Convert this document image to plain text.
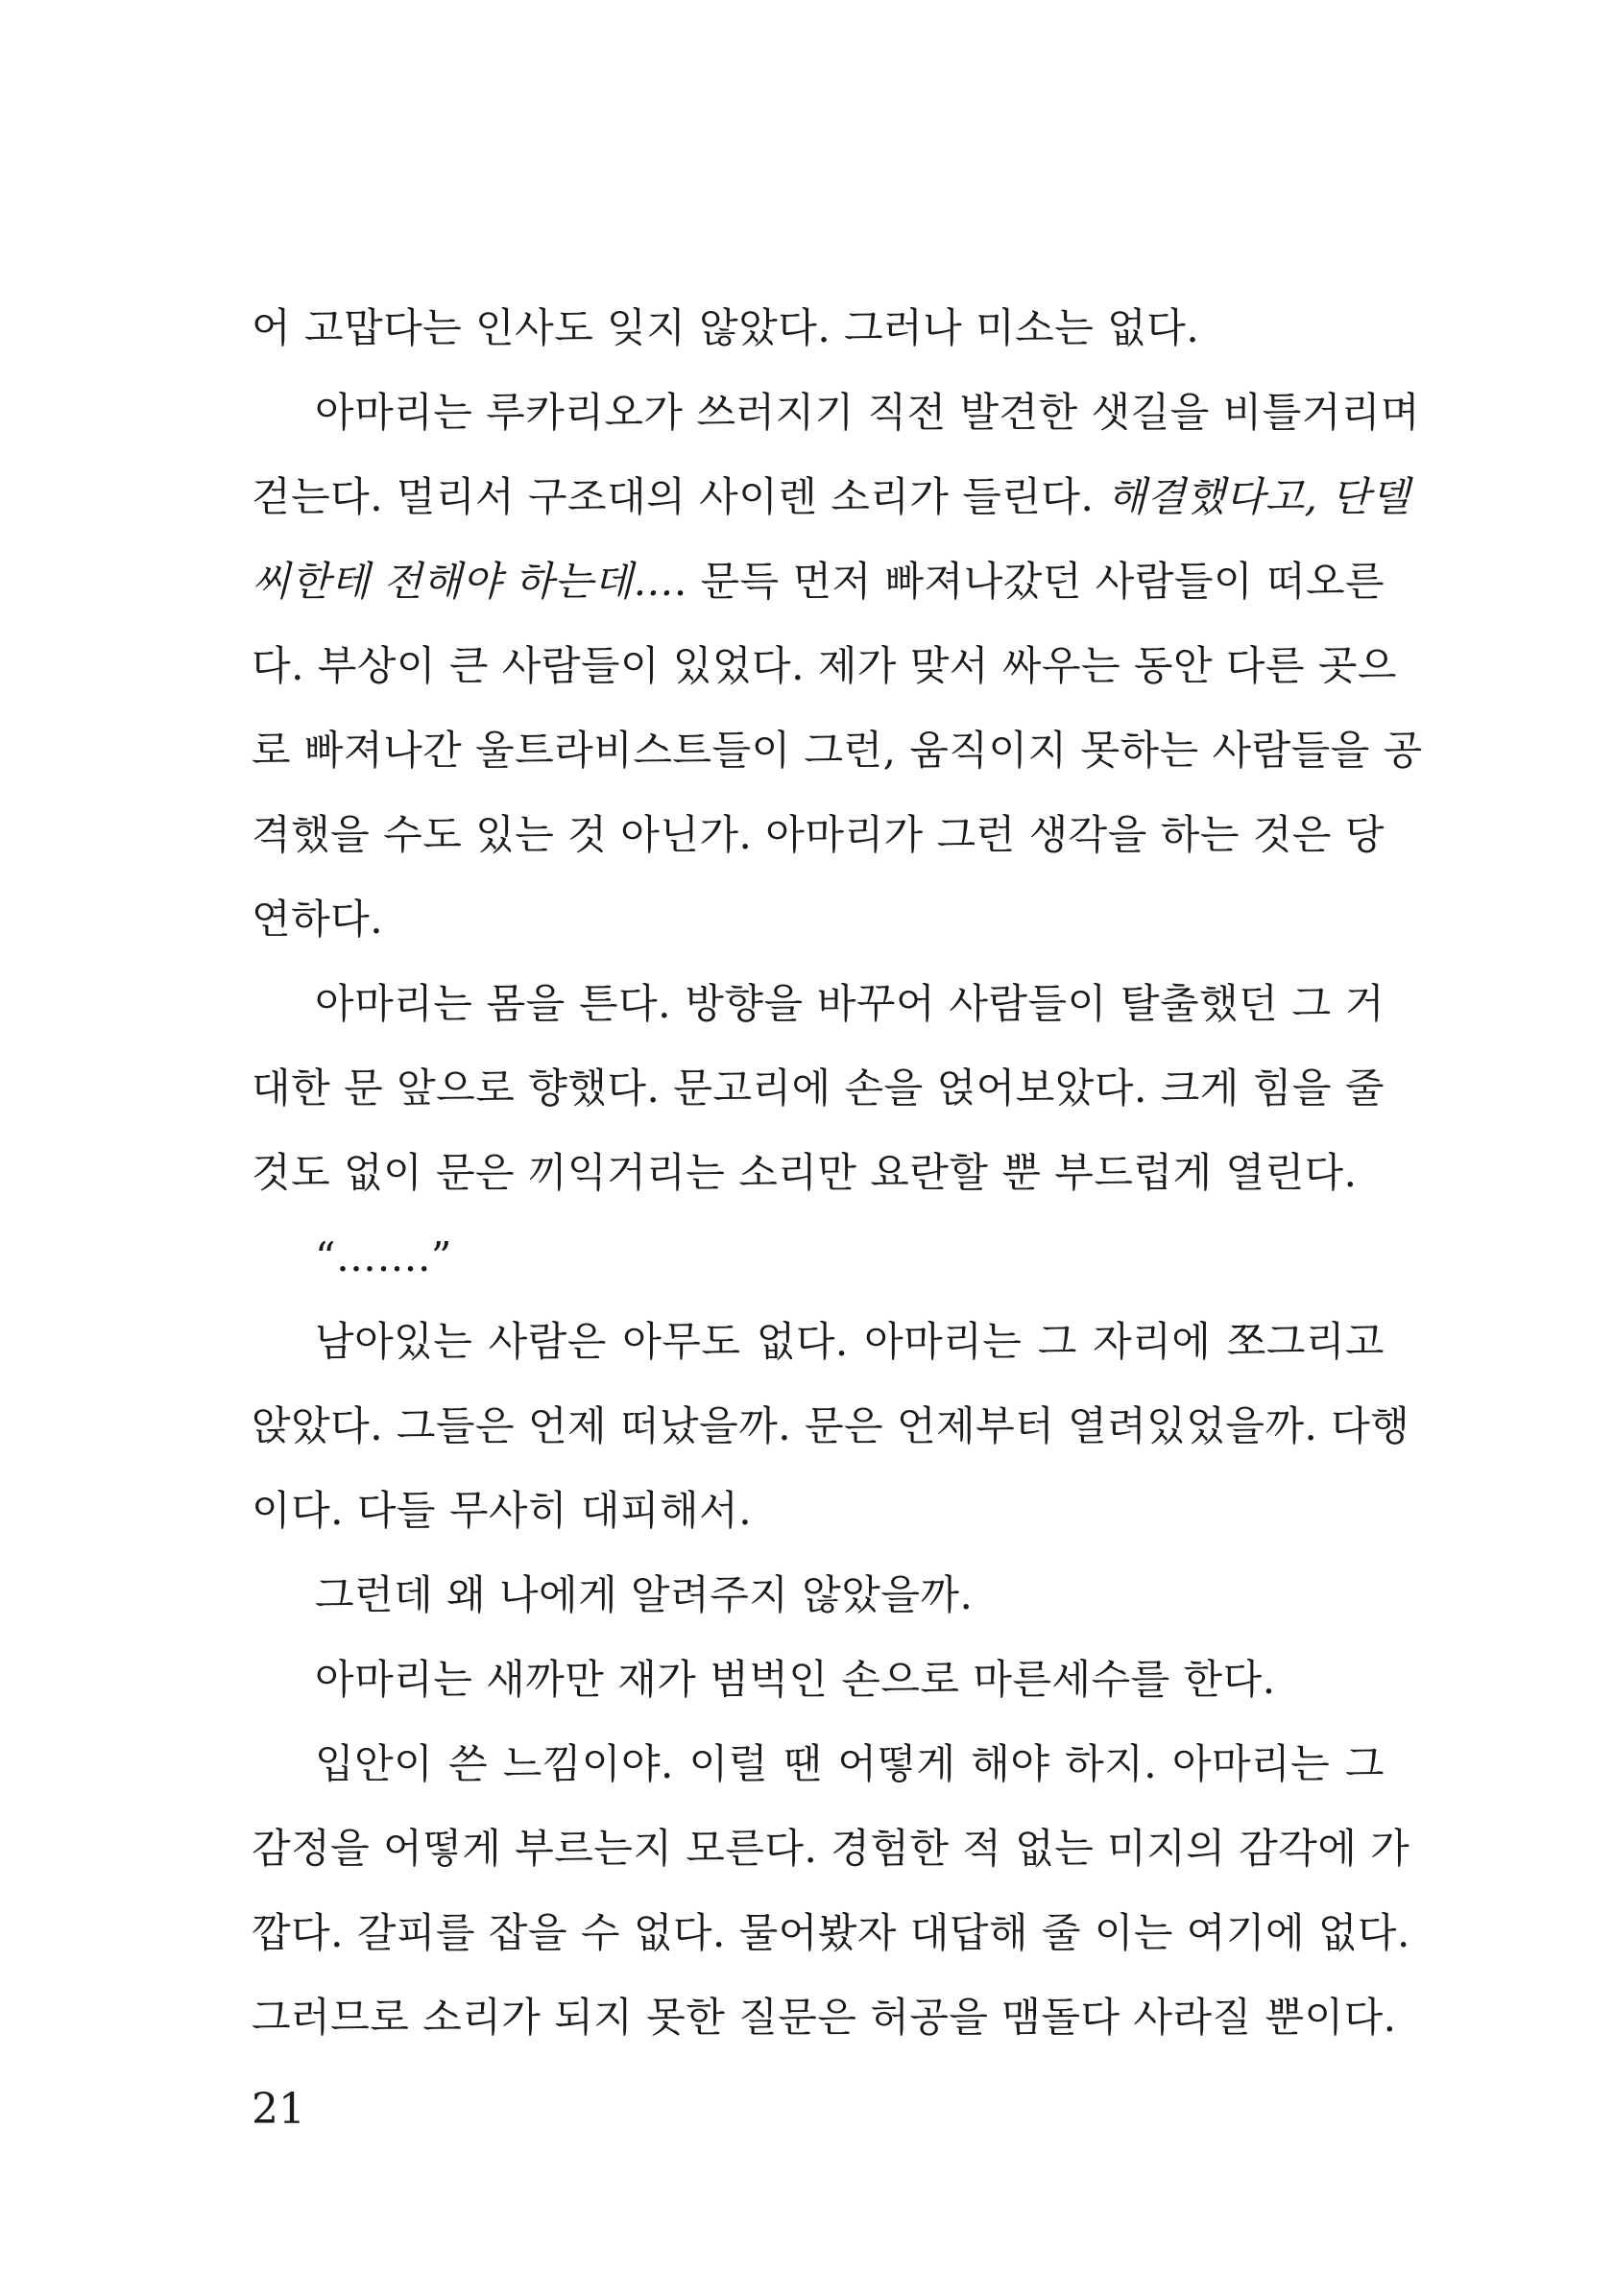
어 고맙다는 인사도 잊지 않았다. 그러나 미소는 없다.
아마리는 루카리오가 쓰러지기 직전 발견한 샛길을 비틀거리며
걷는다. 멀리서 구조대의 사이렌 소리가 들린다. 해결했다고, 단델
씨한테 전해야 하는데…. 문득 먼저 빠져나갔던 사람들이 떠오른
다. 부상이 큰 사람들이 있었다. 제가 맞서 싸우는 동안 다른 곳으
로 빠져나간 울트라비스트들이 그런, 움직이지 못하는 사람들을 공
격했을 수도 있는 것 아닌가. 아마리가 그런 생각을 하는 것은 당
연하다.
아마리는 몸을 튼다. 방향을 바꾸어 사람들이 탈출했던 그 거
대한 문 앞으로 향했다. 문고리에 손을 얹어보았다. 크게 힘을 줄
것도 없이 문은 끼익거리는 소리만 요란할 뿐 부드럽게 열린다.
“…….”
남아있는 사람은 아무도 없다. 아마리는 그 자리에 쪼그리고
앉았다. 그들은 언제 떠났을까. 문은 언제부터 열려있었을까. 다행
이다. 다들 무사히 대피해서.
그런데 왜 나에게 알려주지 않았을까.
아마리는 새까만 재가 범벅인 손으로 마른세수를 한다.
입안이 쓴 느낌이야. 이럴 땐 어떻게 해야 하지. 아마리는 그
감정을 어떻게 부르는지 모른다. 경험한 적 없는 미지의 감각에 가
깝다. 갈피를 잡을 수 없다. 물어봤자 대답해 줄 이는 여기에 없다.
그러므로 소리가 되지 못한 질문은 허공을 맴돌다 사라질 뿐이다.
21
